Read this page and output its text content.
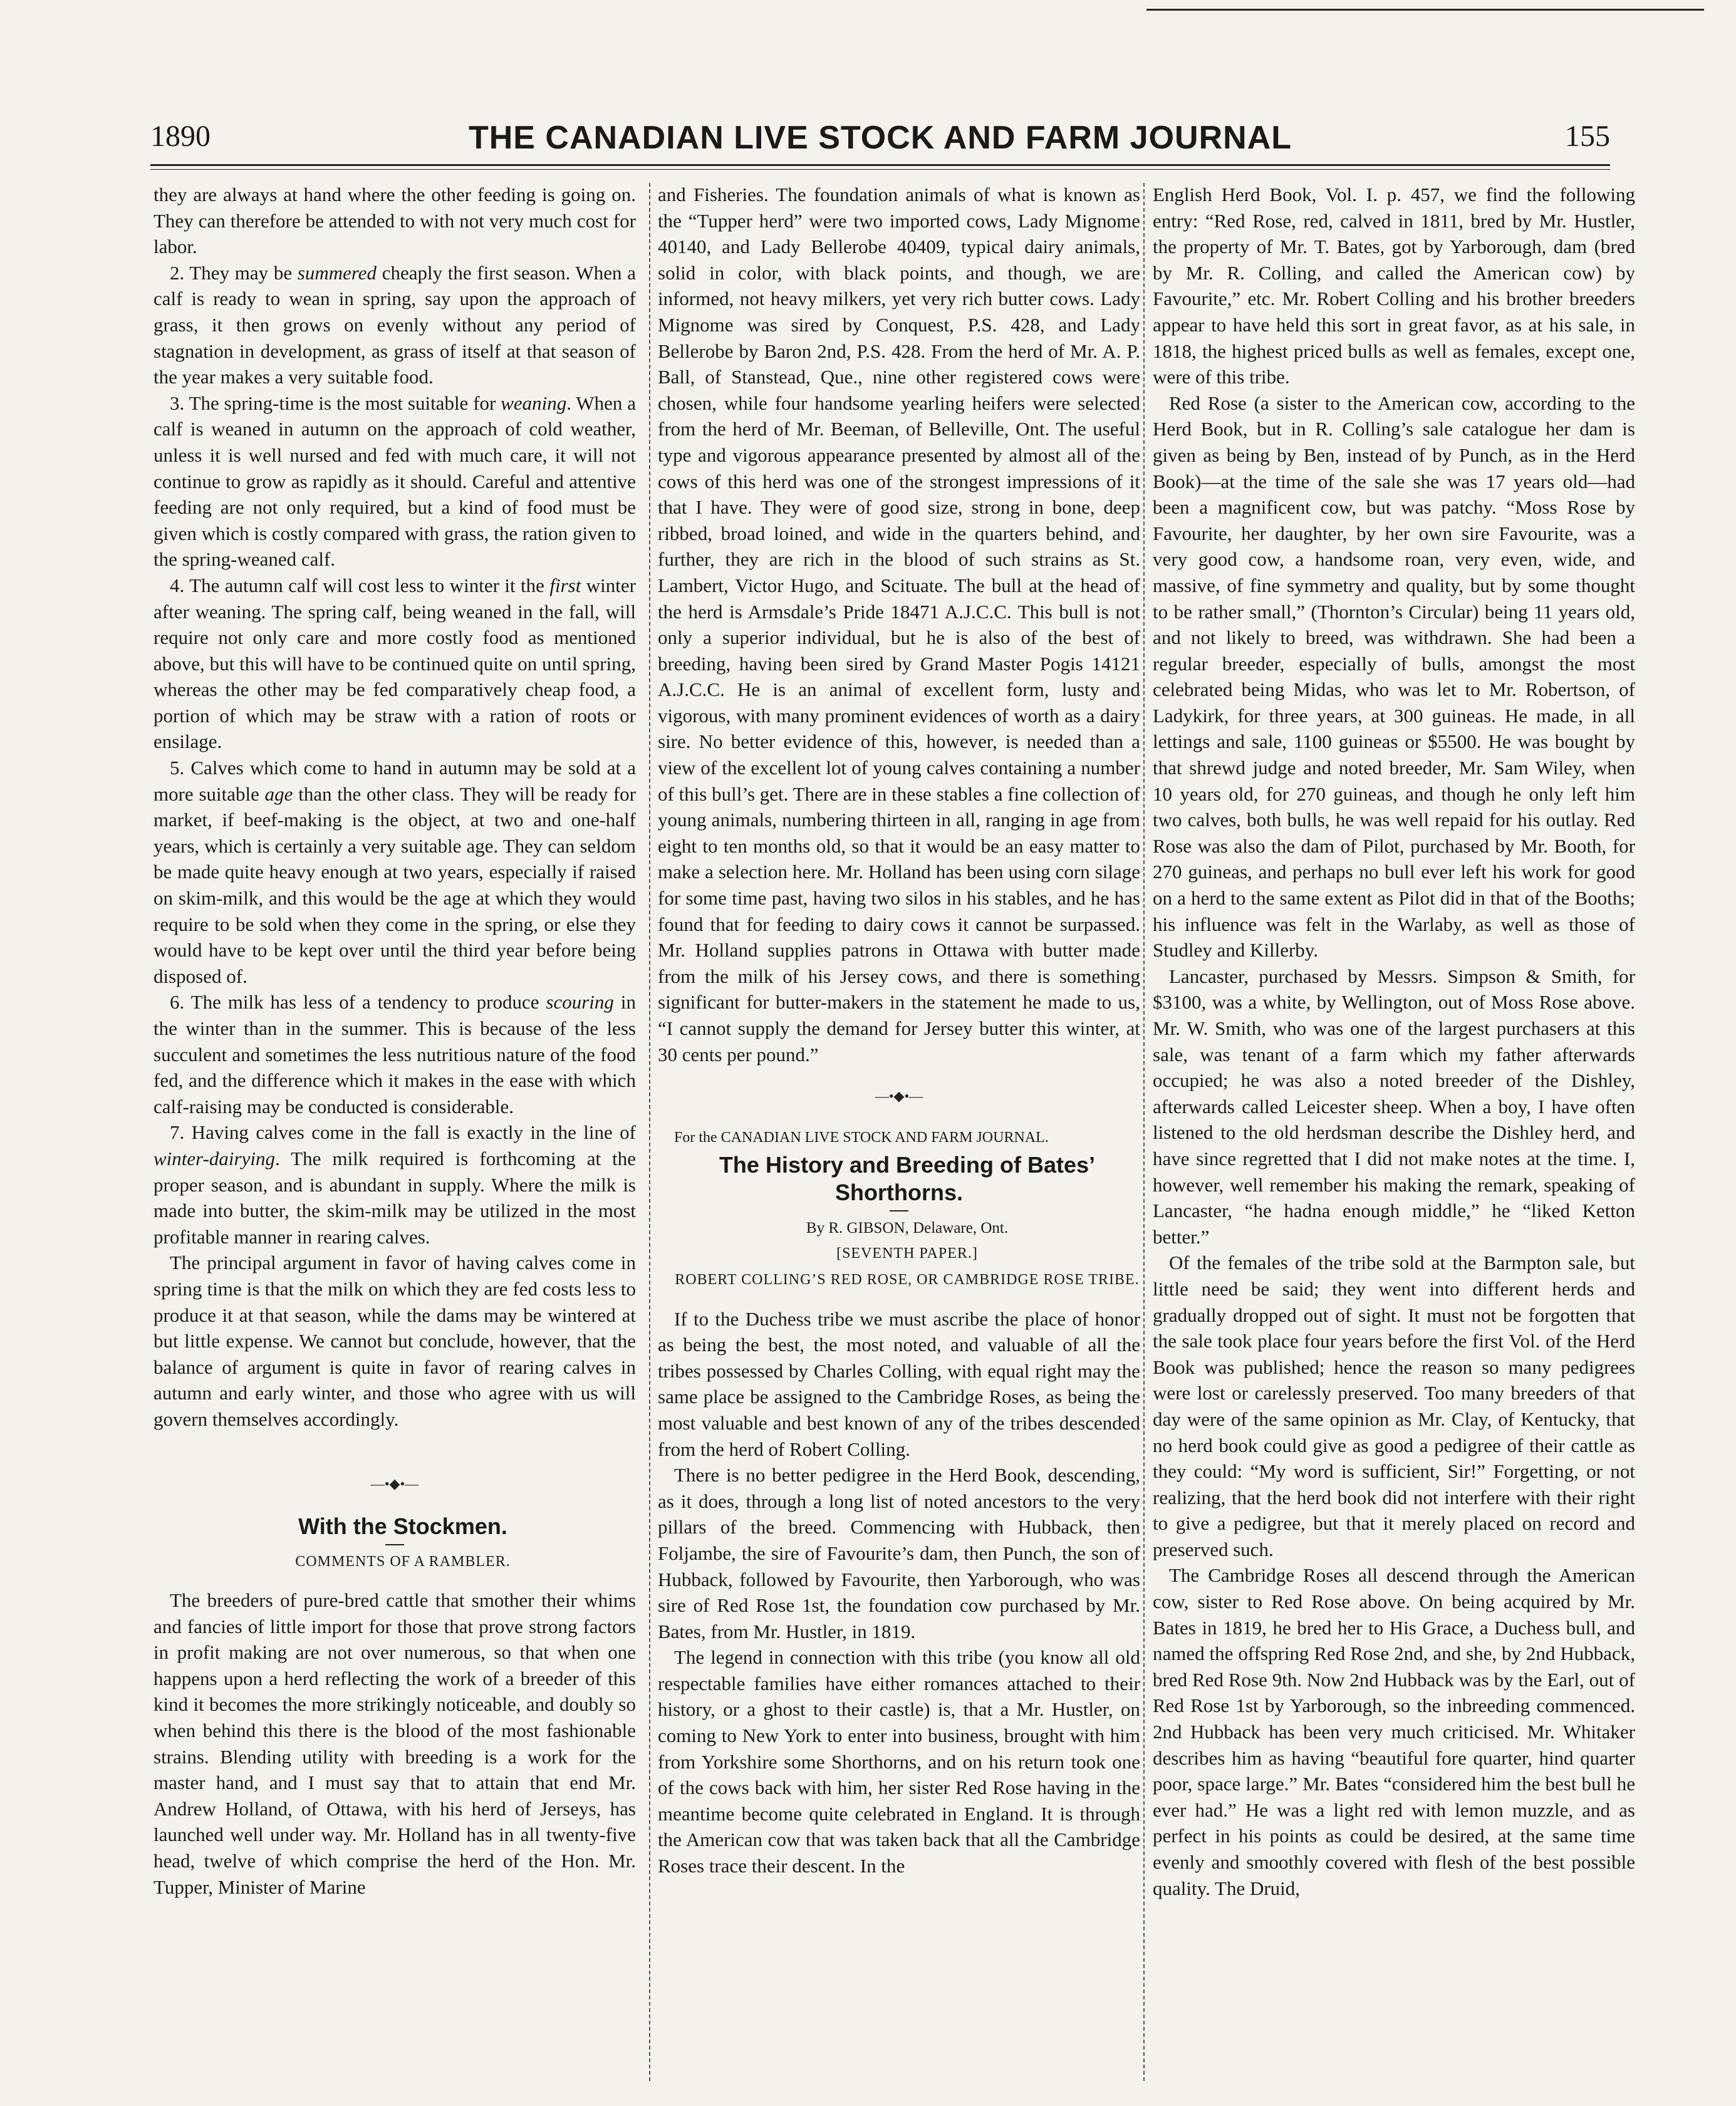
1890	THE CANADIAN LIVE STOCK AND FARM JOURNAL	155

they are always at hand where the other feeding is going on. They can therefore be attended to with not very much cost for labor.

2. They may be summered cheaply the first season. When a calf is ready to wean in spring, say upon the approach of grass, it then grows on evenly without any period of stagnation in development, as grass of itself at that season of the year makes a very suitable food.

3. The spring-time is the most suitable for weaning. When a calf is weaned in autumn on the approach of cold weather, unless it is well nursed and fed with much care, it will not continue to grow as rapidly as it should. Careful and attentive feeding are not only required, but a kind of food must be given which is costly compared with grass, the ration given to the spring-weaned calf.

4. The autumn calf will cost less to winter it the first winter after weaning. The spring calf, being weaned in the fall, will require not only care and more costly food as mentioned above, but this will have to be continued quite on until spring, whereas the other may be fed comparatively cheap food, a portion of which may be straw with a ration of roots or ensilage.

5. Calves which come to hand in autumn may be sold at a more suitable age than the other class. They will be ready for market, if beef-making is the object, at two and one-half years, which is certainly a very suitable age. They can seldom be made quite heavy enough at two years, especially if raised on skim-milk, and this would be the age at which they would require to be sold when they come in the spring, or else they would have to be kept over until the third year before being disposed of.

6. The milk has less of a tendency to produce scouring in the winter than in the summer. This is because of the less succulent and sometimes the less nutritious nature of the food fed, and the difference which it makes in the ease with which calf-raising may be conducted is considerable.

7. Having calves come in the fall is exactly in the line of winter-dairying. The milk required is forthcoming at the proper season, and is abundant in supply. Where the milk is made into butter, the skim-milk may be utilized in the most profitable manner in rearing calves.

The principal argument in favor of having calves come in spring time is that the milk on which they are fed costs less to produce it at that season, while the dams may be wintered at but little expense. We cannot but conclude, however, that the balance of argument is quite in favor of rearing calves in autumn and early winter, and those who agree with us will govern themselves accordingly.

—•◆•—

With the Stockmen.

COMMENTS OF A RAMBLER.

The breeders of pure-bred cattle that smother their whims and fancies of little import for those that prove strong factors in profit making are not over numerous, so that when one happens upon a herd reflecting the work of a breeder of this kind it becomes the more strikingly noticeable, and doubly so when behind this there is the blood of the most fashionable strains. Blending utility with breeding is a work for the master hand, and I must say that to attain that end Mr. Andrew Holland, of Ottawa, with his herd of Jerseys, has launched well under way. Mr. Holland has in all twenty-five head, twelve of which comprise the herd of the Hon. Mr. Tupper, Minister of Marine

and Fisheries. The foundation animals of what is known as the “Tupper herd” were two imported cows, Lady Mignome 40140, and Lady Bellerobe 40409, typical dairy animals, solid in color, with black points, and though, we are informed, not heavy milkers, yet very rich butter cows. Lady Mignome was sired by Conquest, P.S. 428, and Lady Bellerobe by Baron 2nd, P.S. 428. From the herd of Mr. A. P. Ball, of Stanstead, Que., nine other registered cows were chosen, while four handsome yearling heifers were selected from the herd of Mr. Beeman, of Belleville, Ont. The useful type and vigorous appearance presented by almost all of the cows of this herd was one of the strongest impressions of it that I have. They were of good size, strong in bone, deep ribbed, broad loined, and wide in the quarters behind, and further, they are rich in the blood of such strains as St. Lambert, Victor Hugo, and Scituate. The bull at the head of the herd is Armsdale’s Pride 18471 A.J.C.C. This bull is not only a superior individual, but he is also of the best of breeding, having been sired by Grand Master Pogis 14121 A.J.C.C. He is an animal of excellent form, lusty and vigorous, with many prominent evidences of worth as a dairy sire. No better evidence of this, however, is needed than a view of the excellent lot of young calves containing a number of this bull’s get. There are in these stables a fine collection of young animals, numbering thirteen in all, ranging in age from eight to ten months old, so that it would be an easy matter to make a selection here. Mr. Holland has been using corn silage for some time past, having two silos in his stables, and he has found that for feeding to dairy cows it cannot be surpassed. Mr. Holland supplies patrons in Ottawa with butter made from the milk of his Jersey cows, and there is something significant for butter-makers in the statement he made to us, “I cannot supply the demand for Jersey butter this winter, at 30 cents per pound.”

—•◆•—

For the CANADIAN LIVE STOCK AND FARM JOURNAL.

The History and Breeding of Bates’ Shorthorns.

By R. GIBSON, Delaware, Ont.

[SEVENTH PAPER.]

ROBERT COLLING’S RED ROSE, OR CAMBRIDGE ROSE TRIBE.

If to the Duchess tribe we must ascribe the place of honor as being the best, the most noted, and valuable of all the tribes possessed by Charles Colling, with equal right may the same place be assigned to the Cambridge Roses, as being the most valuable and best known of any of the tribes descended from the herd of Robert Colling.

There is no better pedigree in the Herd Book, descending, as it does, through a long list of noted ancestors to the very pillars of the breed. Commencing with Hubback, then Foljambe, the sire of Favourite’s dam, then Punch, the son of Hubback, followed by Favourite, then Yarborough, who was sire of Red Rose 1st, the foundation cow purchased by Mr. Bates, from Mr. Hustler, in 1819.

The legend in connection with this tribe (you know all old respectable families have either romances attached to their history, or a ghost to their castle) is, that a Mr. Hustler, on coming to New York to enter into business, brought with him from Yorkshire some Shorthorns, and on his return took one of the cows back with him, her sister Red Rose having in the meantime become quite celebrated in England. It is through the American cow that was taken back that all the Cambridge Roses trace their descent. In the

English Herd Book, Vol. I. p. 457, we find the following entry: “Red Rose, red, calved in 1811, bred by Mr. Hustler, the property of Mr. T. Bates, got by Yarborough, dam (bred by Mr. R. Colling, and called the American cow) by Favourite,” etc. Mr. Robert Colling and his brother breeders appear to have held this sort in great favor, as at his sale, in 1818, the highest priced bulls as well as females, except one, were of this tribe.

Red Rose (a sister to the American cow, according to the Herd Book, but in R. Colling’s sale catalogue her dam is given as being by Ben, instead of by Punch, as in the Herd Book)—at the time of the sale she was 17 years old—had been a magnificent cow, but was patchy. “Moss Rose by Favourite, her daughter, by her own sire Favourite, was a very good cow, a handsome roan, very even, wide, and massive, of fine symmetry and quality, but by some thought to be rather small,” (Thornton’s Circular) being 11 years old, and not likely to breed, was withdrawn. She had been a regular breeder, especially of bulls, amongst the most celebrated being Midas, who was let to Mr. Robertson, of Ladykirk, for three years, at 300 guineas. He made, in all lettings and sale, 1100 guineas or $5500. He was bought by that shrewd judge and noted breeder, Mr. Sam Wiley, when 10 years old, for 270 guineas, and though he only left him two calves, both bulls, he was well repaid for his outlay. Red Rose was also the dam of Pilot, purchased by Mr. Booth, for 270 guineas, and perhaps no bull ever left his work for good on a herd to the same extent as Pilot did in that of the Booths; his influence was felt in the Warlaby, as well as those of Studley and Killerby.

Lancaster, purchased by Messrs. Simpson & Smith, for $3100, was a white, by Wellington, out of Moss Rose above. Mr. W. Smith, who was one of the largest purchasers at this sale, was tenant of a farm which my father afterwards occupied; he was also a noted breeder of the Dishley, afterwards called Leicester sheep. When a boy, I have often listened to the old herdsman describe the Dishley herd, and have since regretted that I did not make notes at the time. I, however, well remember his making the remark, speaking of Lancaster, “he hadna enough middle,” he “liked Ketton better.”

Of the females of the tribe sold at the Barmpton sale, but little need be said; they went into different herds and gradually dropped out of sight. It must not be forgotten that the sale took place four years before the first Vol. of the Herd Book was published; hence the reason so many pedigrees were lost or carelessly preserved. Too many breeders of that day were of the same opinion as Mr. Clay, of Kentucky, that no herd book could give as good a pedigree of their cattle as they could: “My word is sufficient, Sir!” Forgetting, or not realizing, that the herd book did not interfere with their right to give a pedigree, but that it merely placed on record and preserved such.

The Cambridge Roses all descend through the American cow, sister to Red Rose above. On being acquired by Mr. Bates in 1819, he bred her to His Grace, a Duchess bull, and named the offspring Red Rose 2nd, and she, by 2nd Hubback, bred Red Rose 9th. Now 2nd Hubback was by the Earl, out of Red Rose 1st by Yarborough, so the inbreeding commenced. 2nd Hubback has been very much criticised. Mr. Whitaker describes him as having “beautiful fore quarter, hind quarter poor, space large.” Mr. Bates “considered him the best bull he ever had.” He was a light red with lemon muzzle, and as perfect in his points as could be desired, at the same time evenly and smoothly covered with flesh of the best possible quality. The Druid,
